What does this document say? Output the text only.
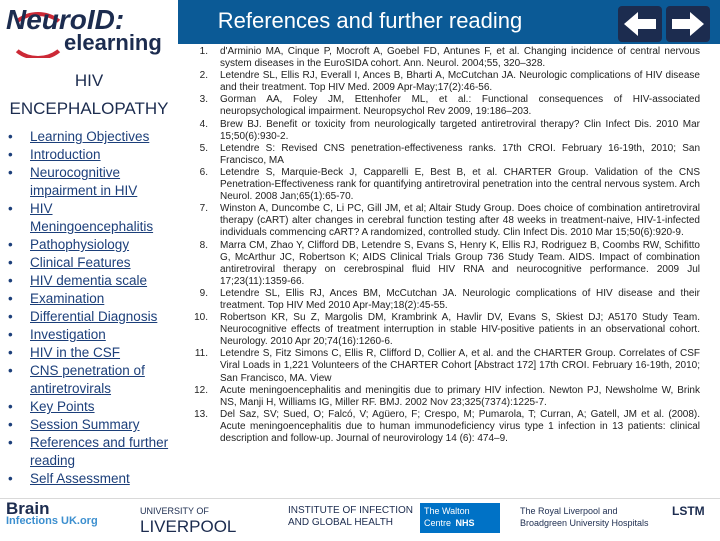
References and further reading
NeuroID:
elearning
HIV
ENCEPHALOPATHY
• Learning Objectives
• Introduction
• Neurocognitive impairment in HIV
• HIV Meningoencephalitis
• Pathophysiology
• Clinical Features
• HIV dementia scale
• Examination
• Differential Diagnosis
• Investigation
• HIV in the CSF
• CNS penetration of antiretrovirals
• Key Points
• Session Summary
• References and further reading
• Self Assessment
1. d'Arminio MA, Cinque P, Mocroft A, Goebel FD, Antunes F, et al. Changing incidence of central nervous system diseases in the EuroSIDA cohort. Ann. Neurol. 2004;55, 320–328.
2. Letendre SL, Ellis RJ, Everall I, Ances B, Bharti A, McCutchan JA. Neurologic complications of HIV disease and their treatment. Top HIV Med. 2009 Apr-May;17(2):46-56.
3. Gorman AA, Foley JM, Ettenhofer ML, et al.: Functional consequences of HIV-associated neuropsychological impairment. Neuropsychol Rev 2009, 19:186–203.
4. Brew BJ. Benefit or toxicity from neurologically targeted antiretroviral therapy? Clin Infect Dis. 2010 Mar 15;50(6):930-2.
5. Letendre S: Revised CNS penetration-effectiveness ranks. 17th CROI. February 16-19th, 2010; San Francisco, MA
6. Letendre S, Marquie-Beck J, Capparelli E, Best B, et al. CHARTER Group. Validation of the CNS Penetration-Effectiveness rank for quantifying antiretroviral penetration into the central nervous system. Arch Neurol. 2008 Jan;65(1):65-70.
7. Winston A, Duncombe C, Li PC, Gill JM, et al; Altair Study Group. Does choice of combination antiretroviral therapy (cART) alter changes in cerebral function testing after 48 weeks in treatment-naive, HIV-1-infected individuals commencing cART? A randomized, controlled study. Clin Infect Dis. 2010 Mar 15;50(6):920-9.
8. Marra CM, Zhao Y, Clifford DB, Letendre S, Evans S, Henry K, Ellis RJ, Rodriguez B, Coombs RW, Schifitto G, McArthur JC, Robertson K; AIDS Clinical Trials Group 736 Study Team. AIDS. Impact of combination antiretroviral therapy on cerebrospinal fluid HIV RNA and neurocognitive performance. 2009 Jul 17;23(11):1359-66.
9. Letendre SL, Ellis RJ, Ances BM, McCutchan JA. Neurologic complications of HIV disease and their treatment. Top HIV Med 2010 Apr-May;18(2):45-55.
10. Robertson KR, Su Z, Margolis DM, Krambrink A, Havlir DV, Evans S, Skiest DJ; A5170 Study Team. Neurocognitive effects of treatment interruption in stable HIV-positive patients in an observational cohort. Neurology. 2010 Apr 20;74(16):1260-6.
11. Letendre S, Fitz Simons C, Ellis R, Clifford D, Collier A, et al. and the CHARTER Group. Correlates of CSF Viral Loads in 1,221 Volunteers of the CHARTER Cohort [Abstract 172] 17th CROI. February 16-19th, 2010; San Francisco, MA. View
12. Acute meningoencephalitis and meningitis due to primary HIV infection. Newton PJ, Newsholme W, Brink NS, Manji H, Williams IG, Miller RF. BMJ. 2002 Nov 23;325(7374):1225-7.
13. Del Saz, SV; Sued, O; Falcó, V; Agüero, F; Crespo, M; Pumarola, T; Curran, A; Gatell, JM et al. (2008). Acute meningoencephalitis due to human immunodeficiency virus type 1 infection in 13 patients: clinical description and follow-up. Journal of neurovirology 14 (6): 474–9.
Brain
Infections UK.org
UNIVERSITY OF
LIVERPOOL
INSTITUTE OF INFECTION
AND GLOBAL HEALTH
The Walton Centre NHS
The Royal Liverpool and
Broadgreen University Hospitals
LSTM
